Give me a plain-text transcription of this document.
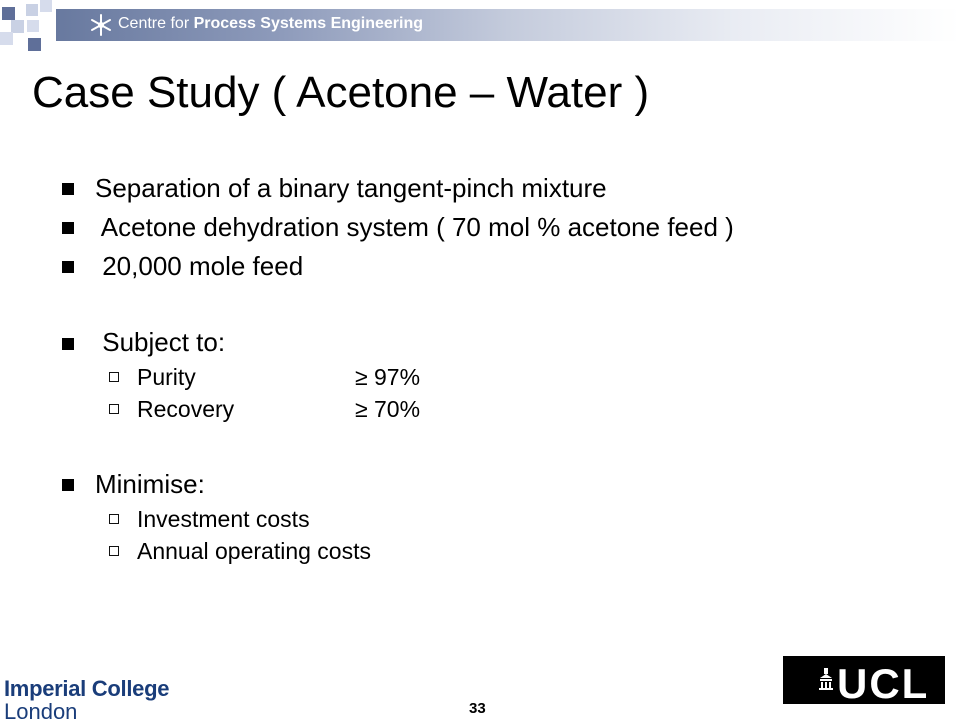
Centre for Process Systems Engineering
Case Study ( Acetone – Water )
Separation of a binary tangent-pinch mixture
Acetone dehydration system ( 70 mol % acetone feed )
20,000 mole feed
Subject to:
Purity	≥ 97%
Recovery	≥ 70%
Minimise:
Investment costs
Annual operating costs
Imperial College
London	33
UCL
